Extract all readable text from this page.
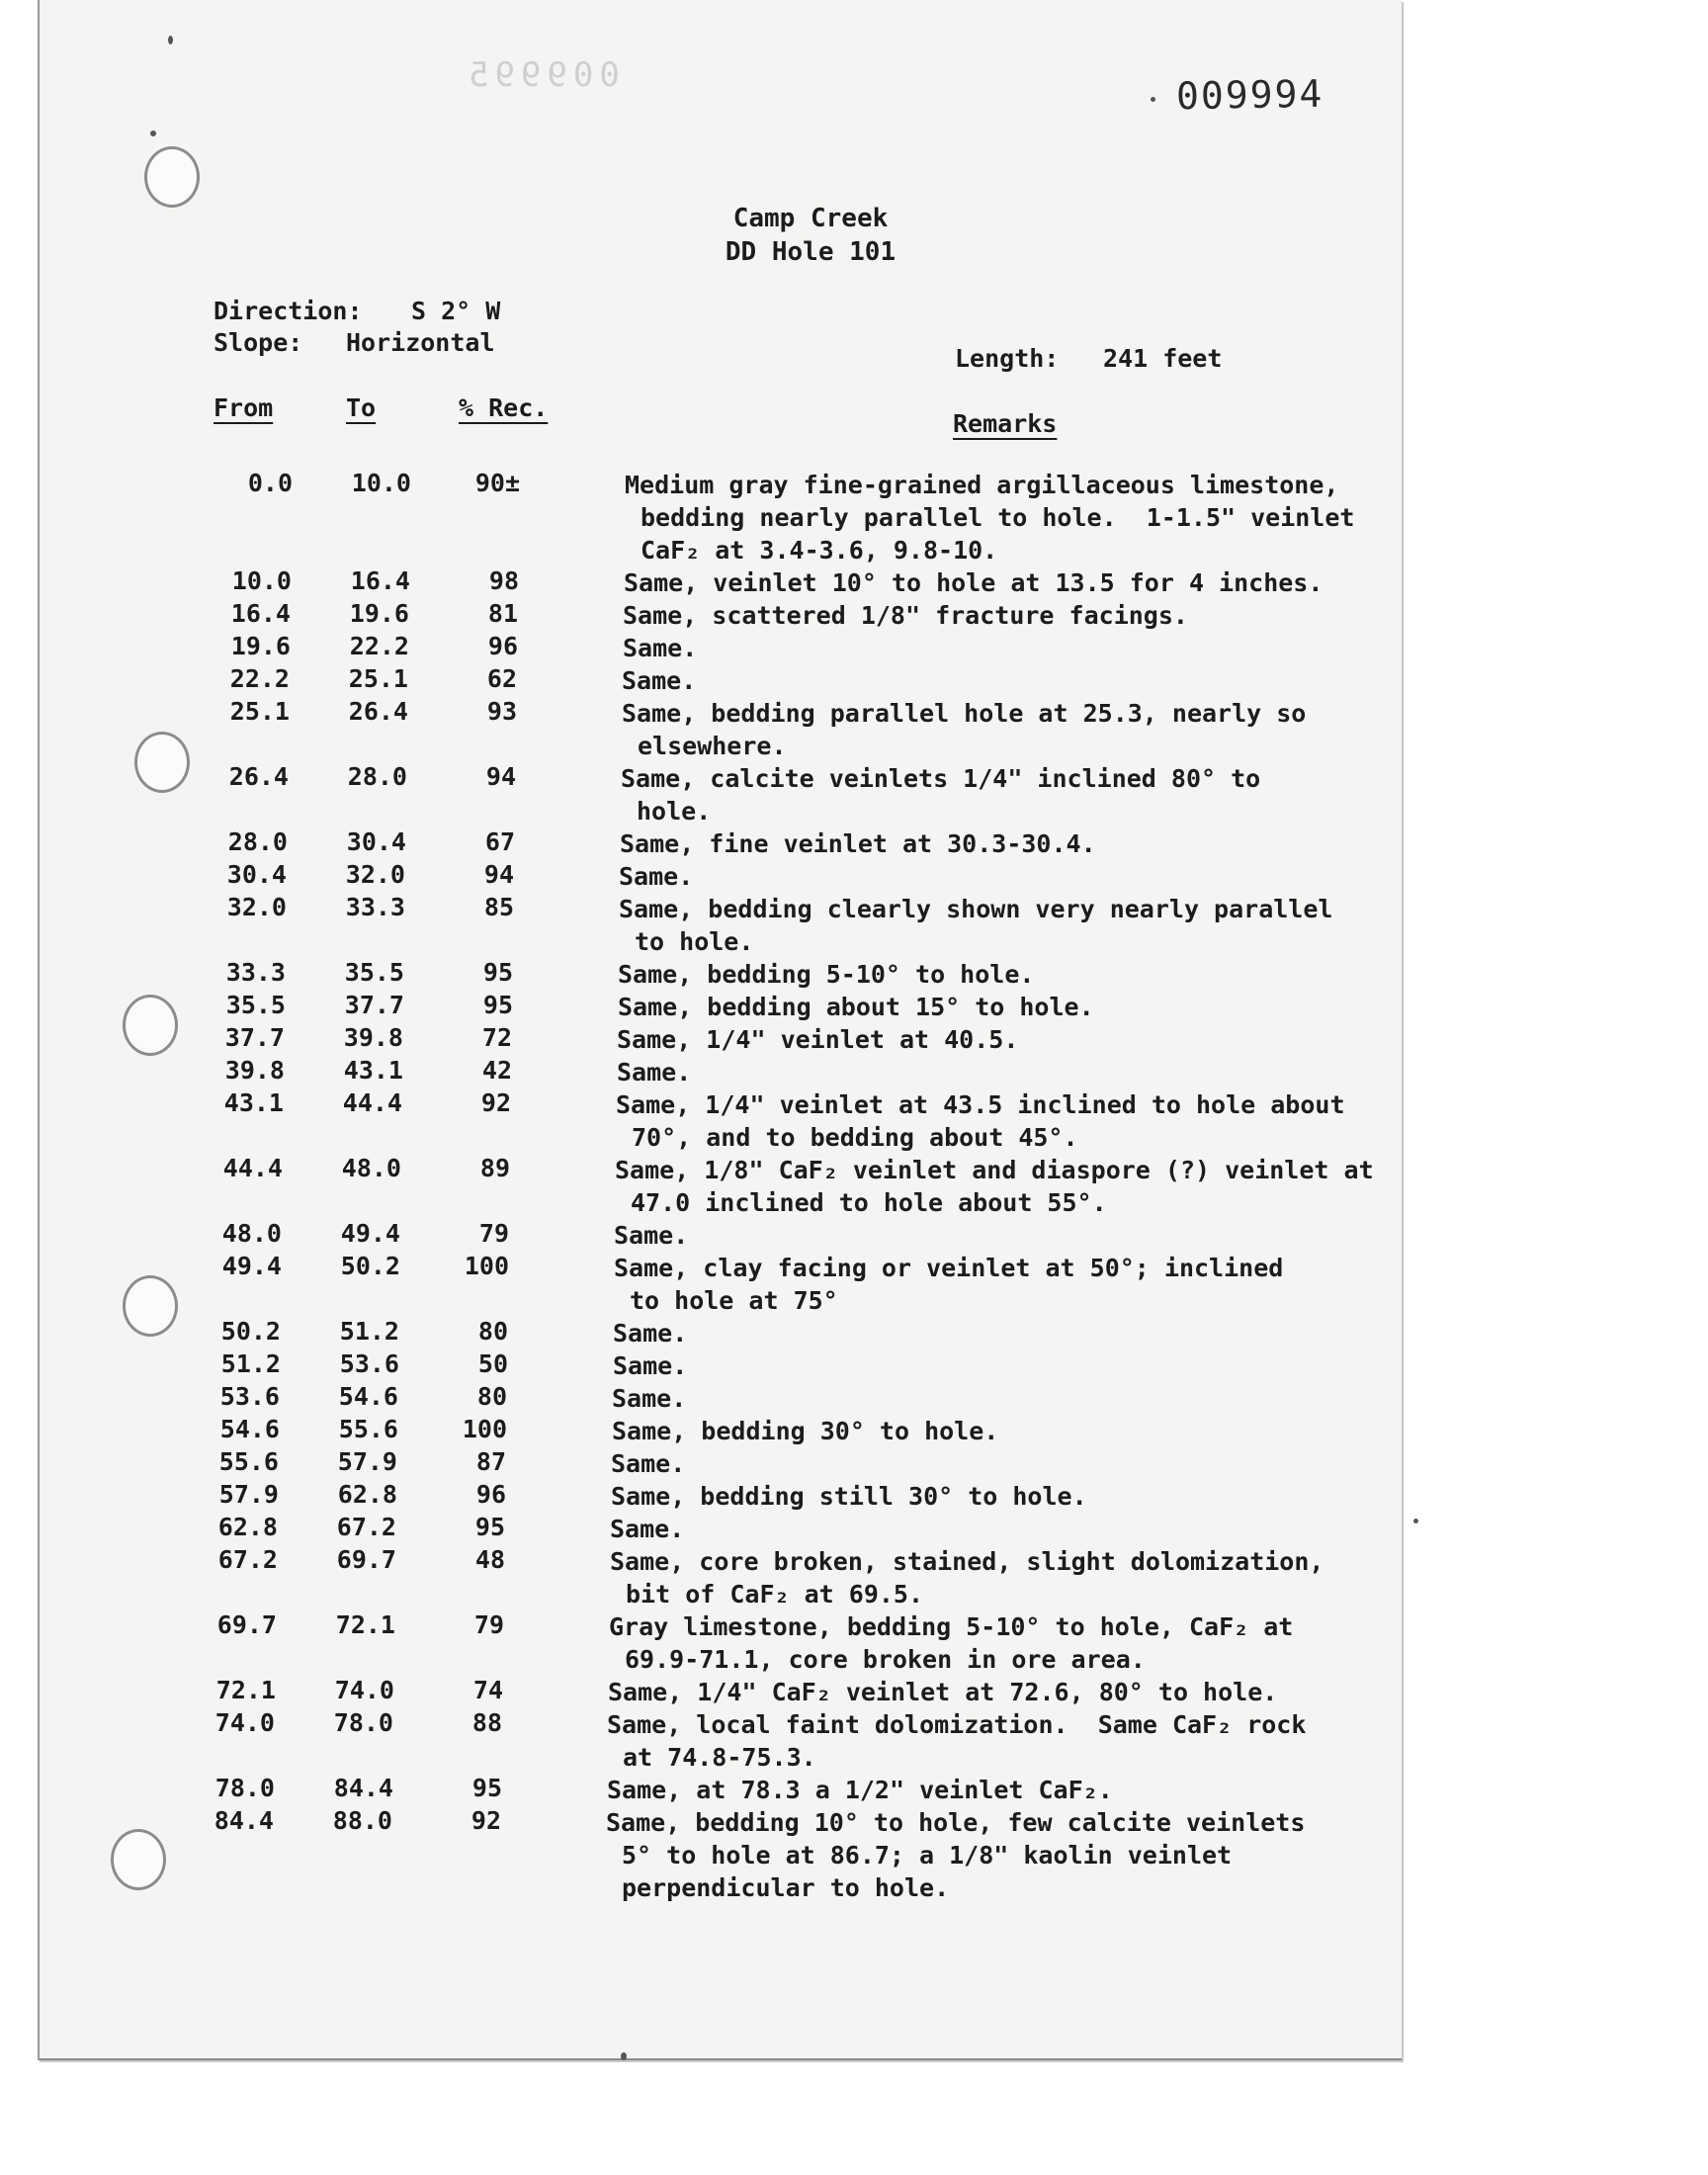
009995	009994
Camp Creek
DD Hole 101
Direction: S 2° W
Slope: Horizontal
Length: 241 feet
From	To	% Rec.
Remarks
0.0	10.0	90±	Medium gray fine-grained argillaceous limestone,
bedding nearly parallel to hole.  1-1.5" veinlet
CaF₂ at 3.4-3.6, 9.8-10.
10.0	16.4	98	Same, veinlet 10° to hole at 13.5 for 4 inches.
16.4	19.6	81	Same, scattered 1/8" fracture facings.
19.6	22.2	96	Same.
22.2	25.1	62	Same.
25.1	26.4	93	Same, bedding parallel hole at 25.3, nearly so
elsewhere.
26.4	28.0	94	Same, calcite veinlets 1/4" inclined 80° to
hole.
28.0	30.4	67	Same, fine veinlet at 30.3-30.4.
30.4	32.0	94	Same.
32.0	33.3	85	Same, bedding clearly shown very nearly parallel
to hole.
33.3	35.5	95	Same, bedding 5-10° to hole.
35.5	37.7	95	Same, bedding about 15° to hole.
37.7	39.8	72	Same, 1/4" veinlet at 40.5.
39.8	43.1	42	Same.
43.1	44.4	92	Same, 1/4" veinlet at 43.5 inclined to hole about
70°, and to bedding about 45°.
44.4	48.0	89	Same, 1/8" CaF₂ veinlet and diaspore (?) veinlet at
47.0 inclined to hole about 55°.
48.0	49.4	79	Same.
49.4	50.2	100	Same, clay facing or veinlet at 50°; inclined
to hole at 75°
50.2	51.2	80	Same.
51.2	53.6	50	Same.
53.6	54.6	80	Same.
54.6	55.6	100	Same, bedding 30° to hole.
55.6	57.9	87	Same.
57.9	62.8	96	Same, bedding still 30° to hole.
62.8	67.2	95	Same.
67.2	69.7	48	Same, core broken, stained, slight dolomization,
bit of CaF₂ at 69.5.
69.7	72.1	79	Gray limestone, bedding 5-10° to hole, CaF₂ at
69.9-71.1, core broken in ore area.
72.1	74.0	74	Same, 1/4" CaF₂ veinlet at 72.6, 80° to hole.
74.0	78.0	88	Same, local faint dolomization.  Same CaF₂ rock
at 74.8-75.3.
78.0	84.4	95	Same, at 78.3 a 1/2" veinlet CaF₂.
84.4	88.0	92	Same, bedding 10° to hole, few calcite veinlets
5° to hole at 86.7; a 1/8" kaolin veinlet
perpendicular to hole.
